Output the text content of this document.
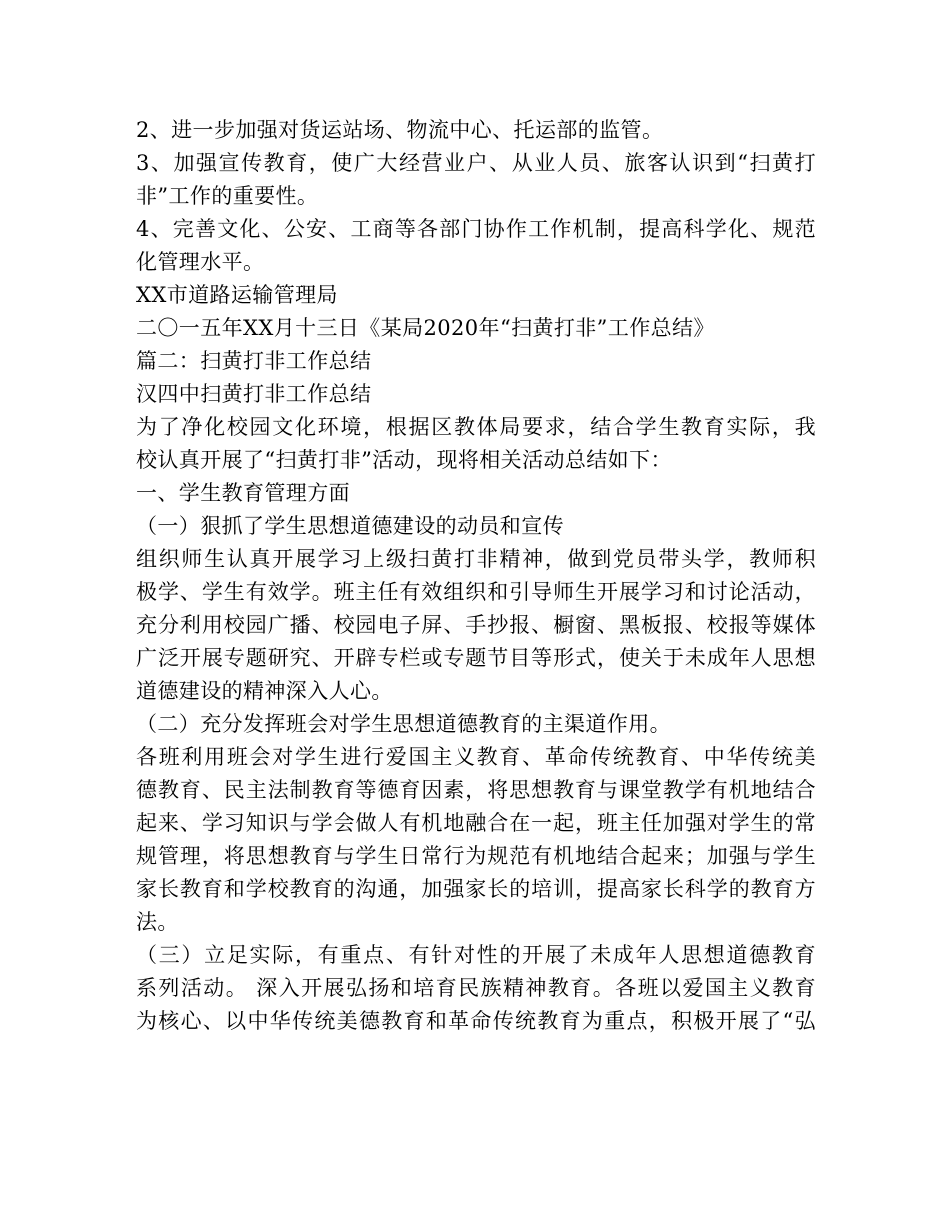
2、进一步加强对货运站场、物流中心、托运部的监管。
3、加强宣传教育，使广大经营业户、从业人员、旅客认识到“扫黄打
非”工作的重要性。
4、完善文化、公安、工商等各部门协作工作机制，提高科学化、规范
化管理水平。
XX市道路运输管理局
二〇一五年XX月十三日《某局2020年“扫黄打非”工作总结》
篇二：扫黄打非工作总结
汉四中扫黄打非工作总结
为了净化校园文化环境，根据区教体局要求，结合学生教育实际，我
校认真开展了“扫黄打非”活动，现将相关活动总结如下：
一、学生教育管理方面
（一）狠抓了学生思想道德建设的动员和宣传
组织师生认真开展学习上级扫黄打非精神，做到党员带头学，教师积
极学、学生有效学。班主任有效组织和引导师生开展学习和讨论活动，
充分利用校园广播、校园电子屏、手抄报、橱窗、黑板报、校报等媒体
广泛开展专题研究、开辟专栏或专题节目等形式，使关于未成年人思想
道德建设的精神深入人心。
（二）充分发挥班会对学生思想道德教育的主渠道作用。
各班利用班会对学生进行爱国主义教育、革命传统教育、中华传统美
德教育、民主法制教育等德育因素，将思想教育与课堂教学有机地结合
起来、学习知识与学会做人有机地融合在一起，班主任加强对学生的常
规管理，将思想教育与学生日常行为规范有机地结合起来；加强与学生
家长教育和学校教育的沟通，加强家长的培训，提高家长科学的教育方
法。
（三）立足实际，有重点、有针对性的开展了未成年人思想道德教育
系列活动。 深入开展弘扬和培育民族精神教育。各班以爱国主义教育
为核心、以中华传统美德教育和革命传统教育为重点，积极开展了“弘
